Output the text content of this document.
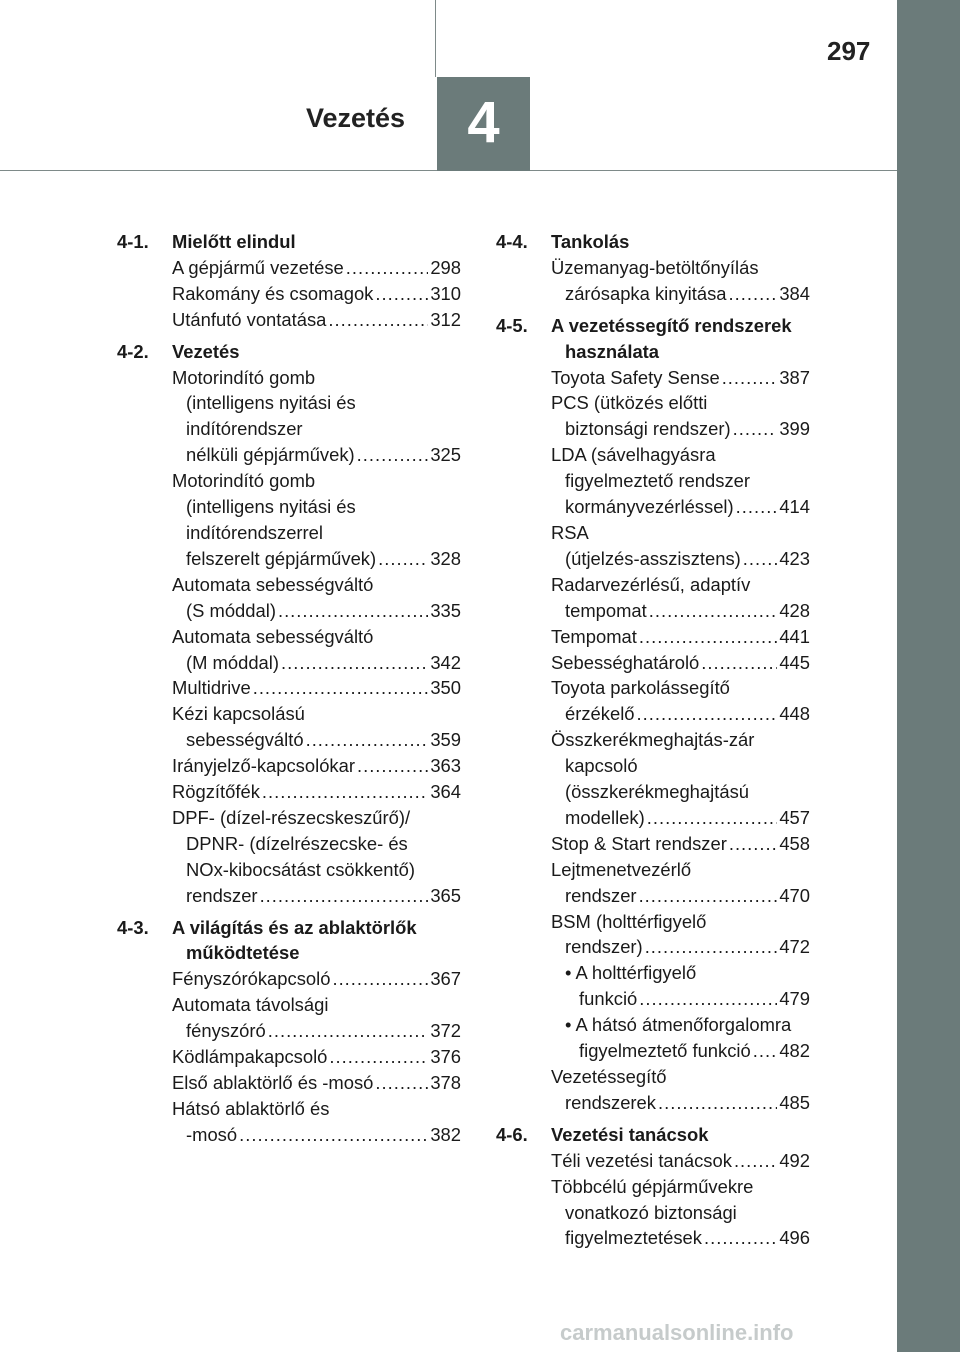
4
Vezetés
297
4-1.	Mielőtt elindul
A gépjármű vezetése .....	298
Rakomány és csomagok .....	310
Utánfutó vontatása .....	312
4-2.	Vezetés
Motorindító gomb
(intelligens nyitási és
indítórendszer
nélküli gépjárművek) .....	325
Motorindító gomb
(intelligens nyitási és
indítórendszerrel
felszerelt gépjárművek) .....	328
Automata sebességváltó
(S móddal) .....	335
Automata sebességváltó
(M móddal) .....	342
Multidrive .....	350
Kézi kapcsolású
sebességváltó .....	359
Irányjelző-kapcsolókar .....	363
Rögzítőfék .....	364
DPF- (dízel-részecskeszűrő)/
DPNR- (dízelrészecske- és
NOx-kibocsátást csökkentő)
rendszer .....	365
4-3.	A világítás és az ablaktörlők
működtetése
Fényszórókapcsoló .....	367
Automata távolsági
fényszóró .....	372
Ködlámpakapcsoló .....	376
Első ablaktörlő és -mosó .....	378
Hátsó ablaktörlő és
-mosó .....	382
4-4.	Tankolás
Üzemanyag-betöltőnyílás
zárósapka kinyitása .....	384
4-5.	A vezetéssegítő rendszerek
használata
Toyota Safety Sense .....	387
PCS (ütközés előtti
biztonsági rendszer) .....	399
LDA (sávelhagyásra
figyelmeztető rendszer
kormányvezérléssel) ..... 414
RSA
(útjelzés-asszisztens) ..... 423
Radarvezérlésű, adaptív
tempomat .....	428
Tempomat .....	441
Sebességhatároló .....	445
Toyota parkolássegítő
érzékelő .....	448
Összkerékmeghajtás-zár
kapcsoló
(összkerékmeghajtású
modellek) .....	457
Stop & Start rendszer .....	458
Lejtmenetvezérlő
rendszer .....	470
BSM (holttérfigyelő
rendszer) .....	472
• A holttérfigyelő
funkció .....	479
• A hátsó átmenőforgalomra
figyelmeztető funkció ..... 482
Vezetéssegítő
rendszerek .....	485
4-6.	Vezetési tanácsok
Téli vezetési tanácsok .....	492
Többcélú gépjárművekre
vonatkozó biztonsági
figyelmeztetések .....	496
carmanualsonline.info
